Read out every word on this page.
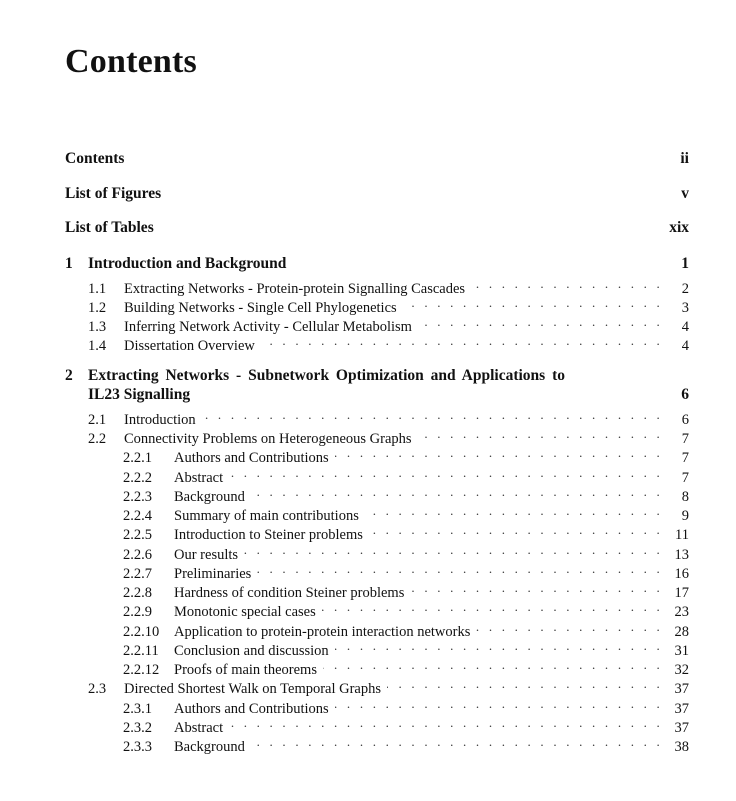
Contents
Contents	ii
List of Figures	v
List of Tables	xix
1 Introduction and Background	1
1.1	Extracting Networks - Protein-protein Signalling Cascades . . .	2
1.2	Building Networks - Single Cell Phylogenetics . . .	3
1.3	Inferring Network Activity - Cellular Metabolism . . .	4
1.4	Dissertation Overview . . .	4
2 Extracting Networks - Subnetwork Optimization and Applications to
IL23 Signalling	6
2.1	Introduction . . .	6
2.2	Connectivity Problems on Heterogeneous Graphs . . .	7
2.2.1	Authors and Contributions . . .	7
2.2.2	Abstract . . .	7
2.2.3	Background . . .	8
2.2.4	Summary of main contributions . . .	9
2.2.5	Introduction to Steiner problems . . .	11
2.2.6	Our results . . .	13
2.2.7	Preliminaries . . .	16
2.2.8	Hardness of condition Steiner problems . . .	17
2.2.9	Monotonic special cases . . .	23
2.2.10	Application to protein-protein interaction networks . . .	28
2.2.11	Conclusion and discussion . . .	31
2.2.12	Proofs of main theorems . . .	32
2.3	Directed Shortest Walk on Temporal Graphs . . .	37
2.3.1	Authors and Contributions . . .	37
2.3.2	Abstract . . .	37
2.3.3	Background . . .	38
